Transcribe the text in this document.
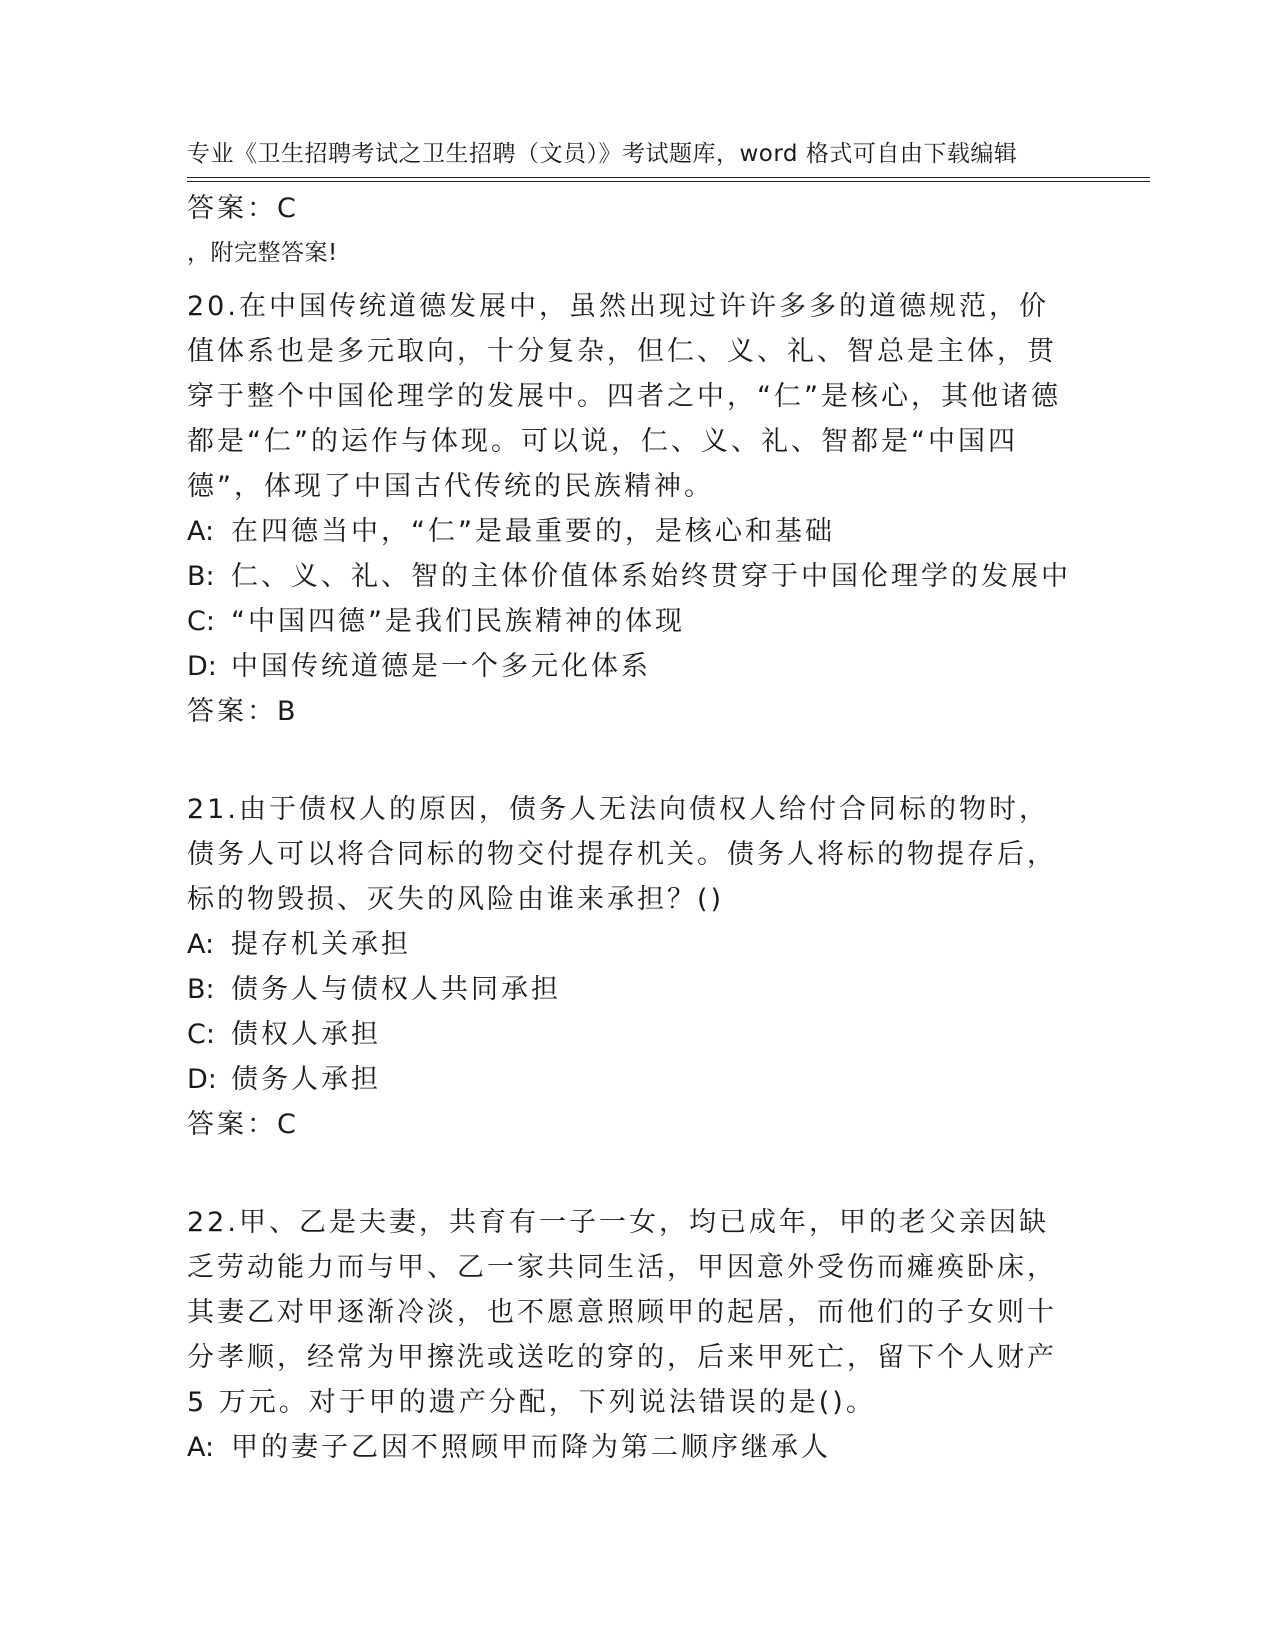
专业《卫生招聘考试之卫生招聘（文员）》考试题库，word 格式可自由下载编辑

，附完整答案!

答案：C

20.在中国传统道德发展中，虽然出现过许许多多的道德规范，价值体系也是多元取向，十分复杂，但仁、义、礼、智总是主体，贯穿于整个中国伦理学的发展中。四者之中，“仁”是核心，其他诸德都是“仁”的运作与体现。可以说，仁、义、礼、智都是“中国四德”，体现了中国古代传统的民族精神。

A: 在四德当中，“仁”是最重要的，是核心和基础
B: 仁、义、礼、智的主体价值体系始终贯穿于中国伦理学的发展中
C: “中国四德”是我们民族精神的体现
D: 中国传统道德是一个多元化体系

答案：B

21.由于债权人的原因，债务人无法向债权人给付合同标的物时，债务人可以将合同标的物交付提存机关。债务人将标的物提存后，标的物毁损、灭失的风险由谁来承担？()

A: 提存机关承担
B: 债务人与债权人共同承担
C: 债权人承担
D: 债务人承担

答案：C

22.甲、乙是夫妻，共育有一子一女，均已成年，甲的老父亲因缺乏劳动能力而与甲、乙一家共同生活，甲因意外受伤而瘫痪卧床，其妻乙对甲逐渐冷淡，也不愿意照顾甲的起居，而他们的子女则十分孝顺，经常为甲擦洗或送吃的穿的，后来甲死亡，留下个人财产 5 万元。对于甲的遗产分配，下列说法错误的是()。

A: 甲的妻子乙因不照顾甲而降为第二顺序继承人
